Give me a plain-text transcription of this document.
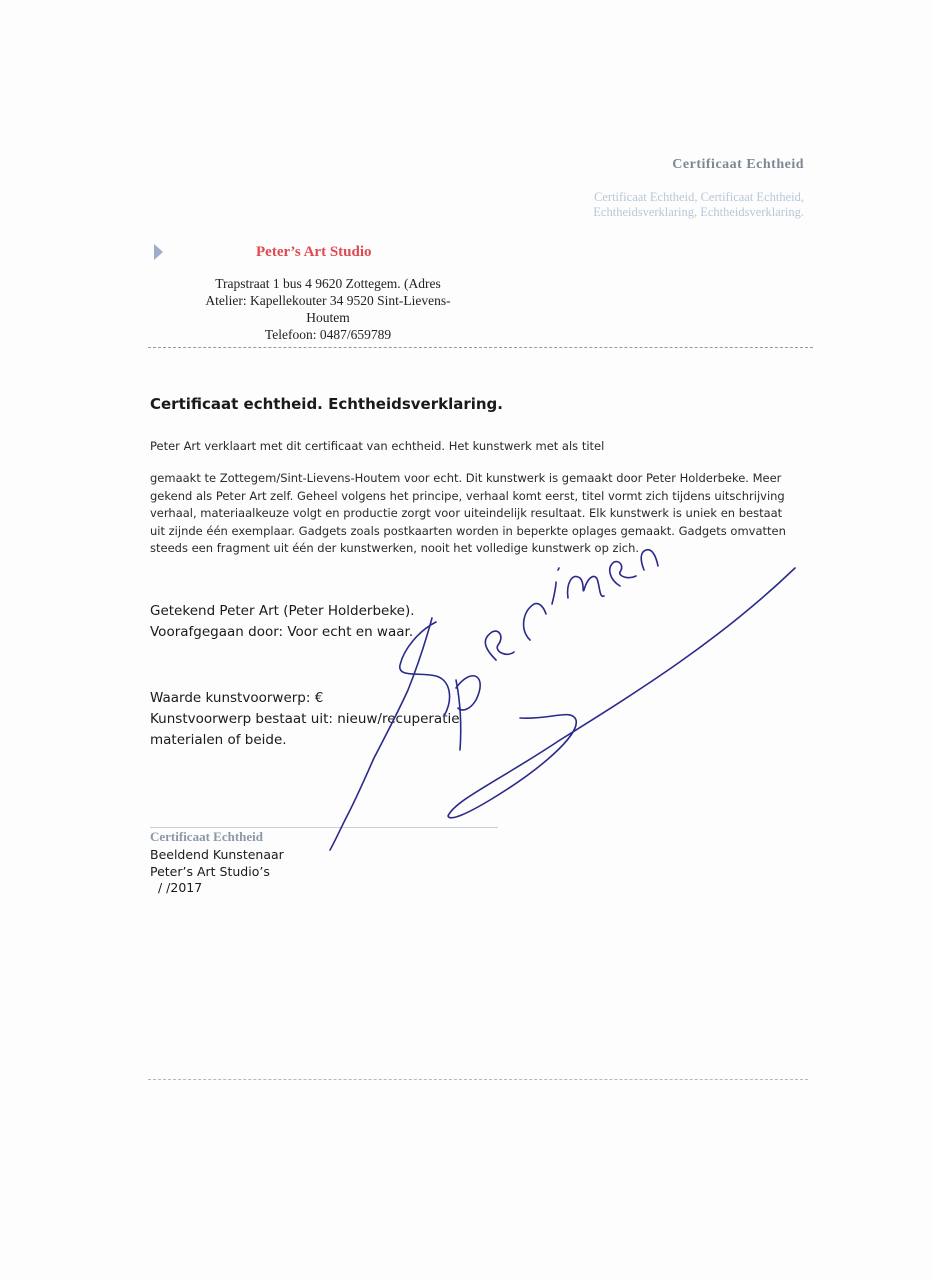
Certificaat Echtheid
Certificaat Echtheid, Certificaat Echtheid,
Echtheidsverklaring, Echtheidsverklaring.
Peter’s Art Studio
Trapstraat 1 bus 4 9620 Zottegem. (Adres
Atelier: Kapellekouter 34 9520 Sint-Lievens-
Houtem
Telefoon: 0487/659789
Certificaat echtheid. Echtheidsverklaring.
Peter Art verklaart met dit certificaat van echtheid. Het kunstwerk met als titel
gemaakt te Zottegem/Sint-Lievens-Houtem voor echt. Dit kunstwerk is gemaakt door Peter Holderbeke. Meer
gekend als Peter Art zelf. Geheel volgens het principe, verhaal komt eerst, titel vormt zich tijdens uitschrijving
verhaal, materiaalkeuze volgt en productie zorgt voor uiteindelijk resultaat. Elk kunstwerk is uniek en bestaat
uit zijnde één exemplaar. Gadgets zoals postkaarten worden in beperkte oplages gemaakt. Gadgets omvatten
steeds een fragment uit één der kunstwerken, nooit het volledige kunstwerk op zich.
Getekend Peter Art (Peter Holderbeke).
Voorafgegaan door: Voor echt en waar.
Waarde kunstvoorwerp: €
Kunstvoorwerp bestaat uit: nieuw/recuperatie
materialen of beide.
Certificaat Echtheid
Beeldend Kunstenaar
Peter’s Art Studio’s
/ /2017
